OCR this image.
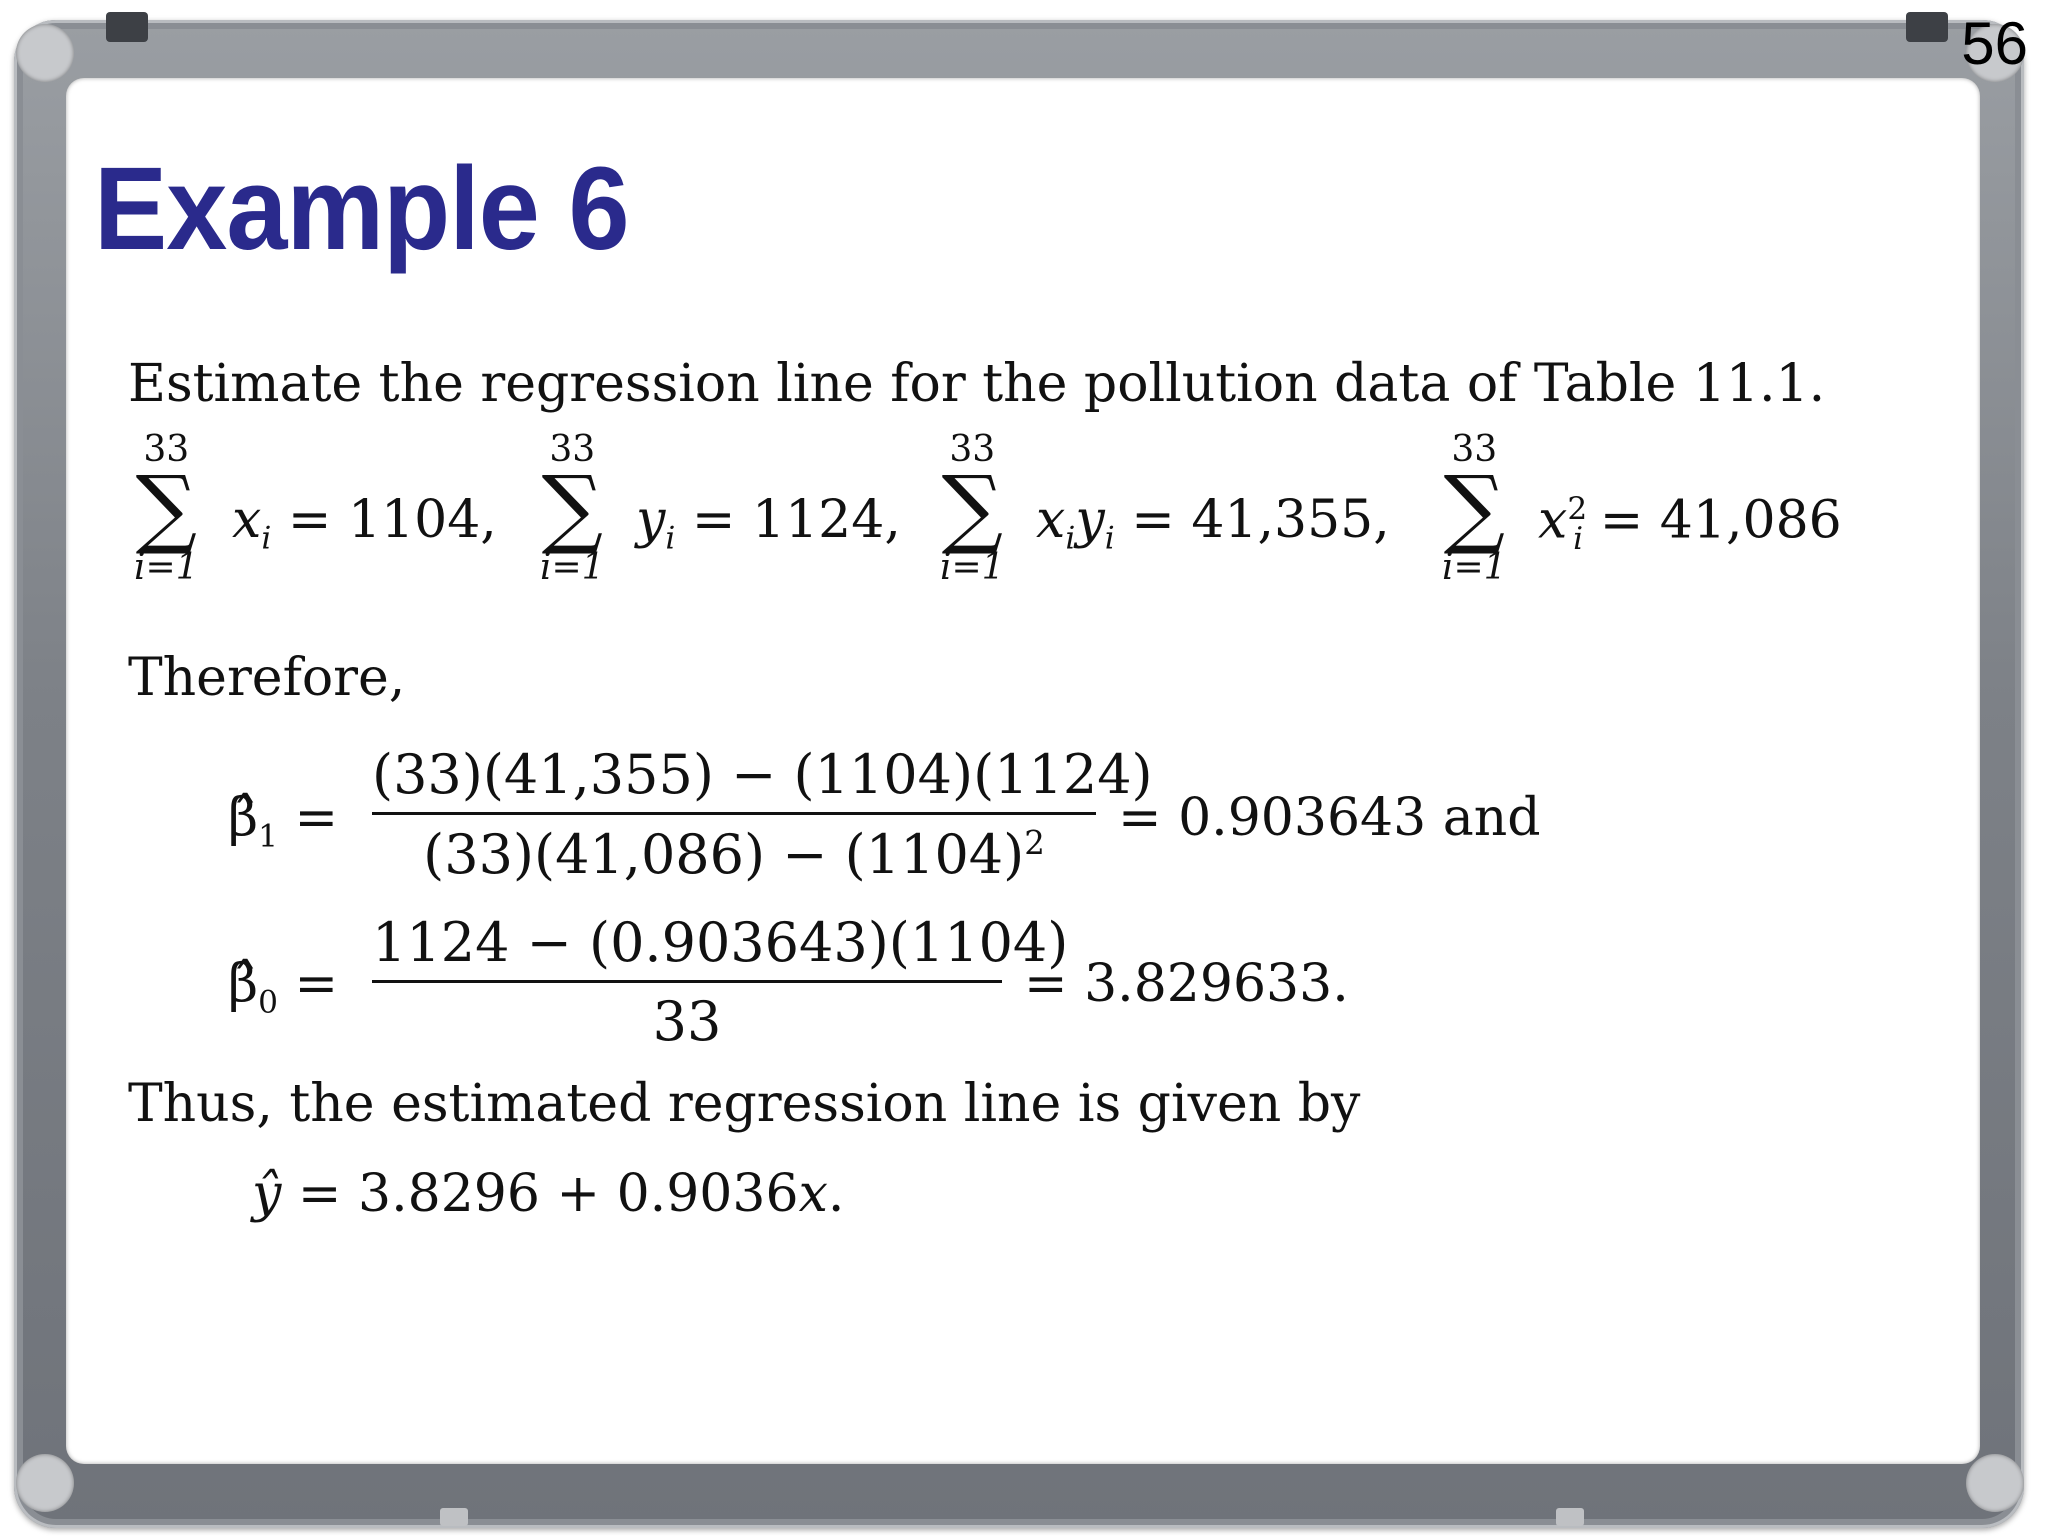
56
Example 6
Estimate the regression line for the pollution data of Table 11.1.
33
∑
i=1
$x_i = 1104$,
33
∑
i=1
$y_i = 1124$,
33
∑
i=1
$x_iy_i = 41,355$,
33
∑
i=1
$x^2_i = 41,086$
Therefore,
$\betâ_1$ =
(33)(41,355) − (1104)(1124)
$(33)(41,086) - (1104)^2$	= 0.903643 and
$\betâ_0$ =
1124 − (0.903643)(1104)
33
= 3.829633.
Thus, the estimated regression line is given by
ŷ = 3.8296 + 0.9036x.
